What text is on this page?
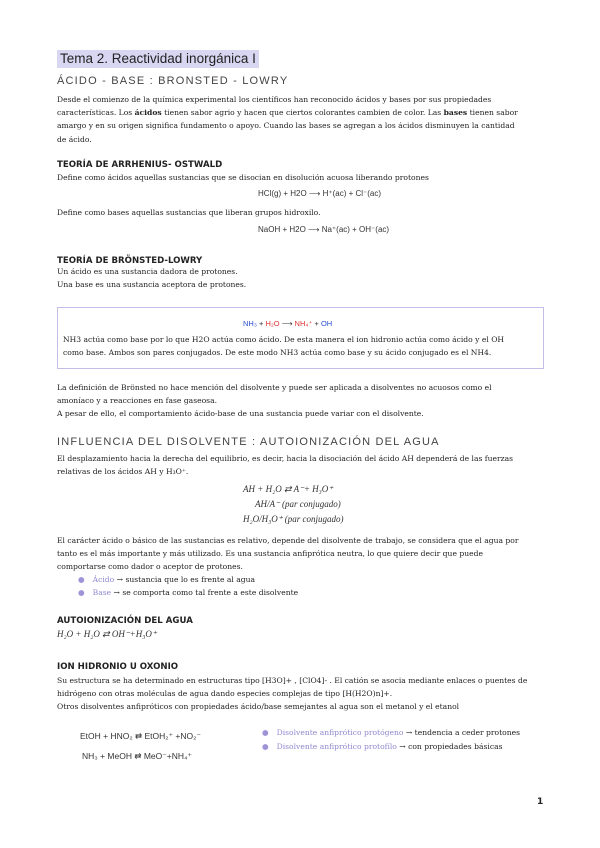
Tema 2. Reactividad inorgánica I
ÁCIDO - BASE : BRONSTED - LOWRY
Desde el comienzo de la química experimental los científicos han reconocido ácidos y bases por sus propiedades
características. Los ácidos tienen sabor agrio y hacen que ciertos colorantes cambien de color. Las bases tienen sabor
amargo y en su origen significa fundamento o apoyo. Cuando las bases se agregan a los ácidos disminuyen la cantidad
de ácido.
TEORÍA DE ARRHENIUS- OSTWALD
Define como ácidos aquellas sustancias que se disocian en disolución acuosa liberando protones
HCl(g) + H2O ⟶ H⁺(ac) + Cl⁻(ac)
Define como bases aquellas sustancias que liberan grupos hidroxilo.
NaOH + H2O ⟶ Na⁺(ac) + OH⁻(ac)
TEORÍA DE BRÖNSTED-LOWRY
Un ácido es una sustancia dadora de protones.
Una base es una sustancia aceptora de protones.
NH₃ + H₂O ⟶ NH₄⁺ + OH
NH3 actúa como base por lo que H2O actúa como ácido. De esta manera el ion hidronio actúa como ácido y el OH
como base. Ambos son pares conjugados. De este modo NH3 actúa como base y su ácido conjugado es el NH4.
La definición de Brönsted no hace mención del disolvente y puede ser aplicada a disolventes no acuosos como el
amoníaco y a reacciones en fase gaseosa.
A pesar de ello, el comportamiento ácido-base de una sustancia puede variar con el disolvente.
INFLUENCIA DEL DISOLVENTE : AUTOIONIZACIÓN DEL AGUA
El desplazamiento hacia la derecha del equilibrio, es decir, hacia la disociación del ácido AH dependerá de las fuerzas
relativas de los ácidos AH y H₃O⁺.
AH + H₂O ⇄ A⁻+ H₃O⁺
AH/A⁻ (par conjugado)
H₂O/H₃O⁺ (par conjugado)
El carácter ácido o básico de las sustancias es relativo, depende del disolvente de trabajo, se considera que el agua por
tanto es el más importante y más utilizado. Es una sustancia anfiprótica neutra, lo que quiere decir que puede
comportarse como dador o aceptor de protones.
● Ácido → sustancia que lo es frente al agua
● Base → se comporta como tal frente a este disolvente
AUTOIONIZACIÓN DEL AGUA
H₂O + H₂O ⇄ OH⁻+H₃O⁺
ION HIDRONIO U OXONIO
Su estructura se ha determinado en estructuras tipo [H3O]+ , [ClO4]- . El catión se asocia mediante enlaces o puentes de
hidrógeno con otras moléculas de agua dando especies complejas de tipo [H(H2O)n]+.
Otros disolventes anfipróticos con propiedades ácido/base semejantes al agua son el metanol y el etanol
EtOH + HNO₂ ⇄ EtOH₂⁺ +NO₂⁻
NH₃ + MeOH ⇄ MeO⁻+NH₄⁺
● Disolvente anfiprótico protógeno → tendencia a ceder protones
● Disolvente anfiprótico protofílo → con propiedades básicas
1
